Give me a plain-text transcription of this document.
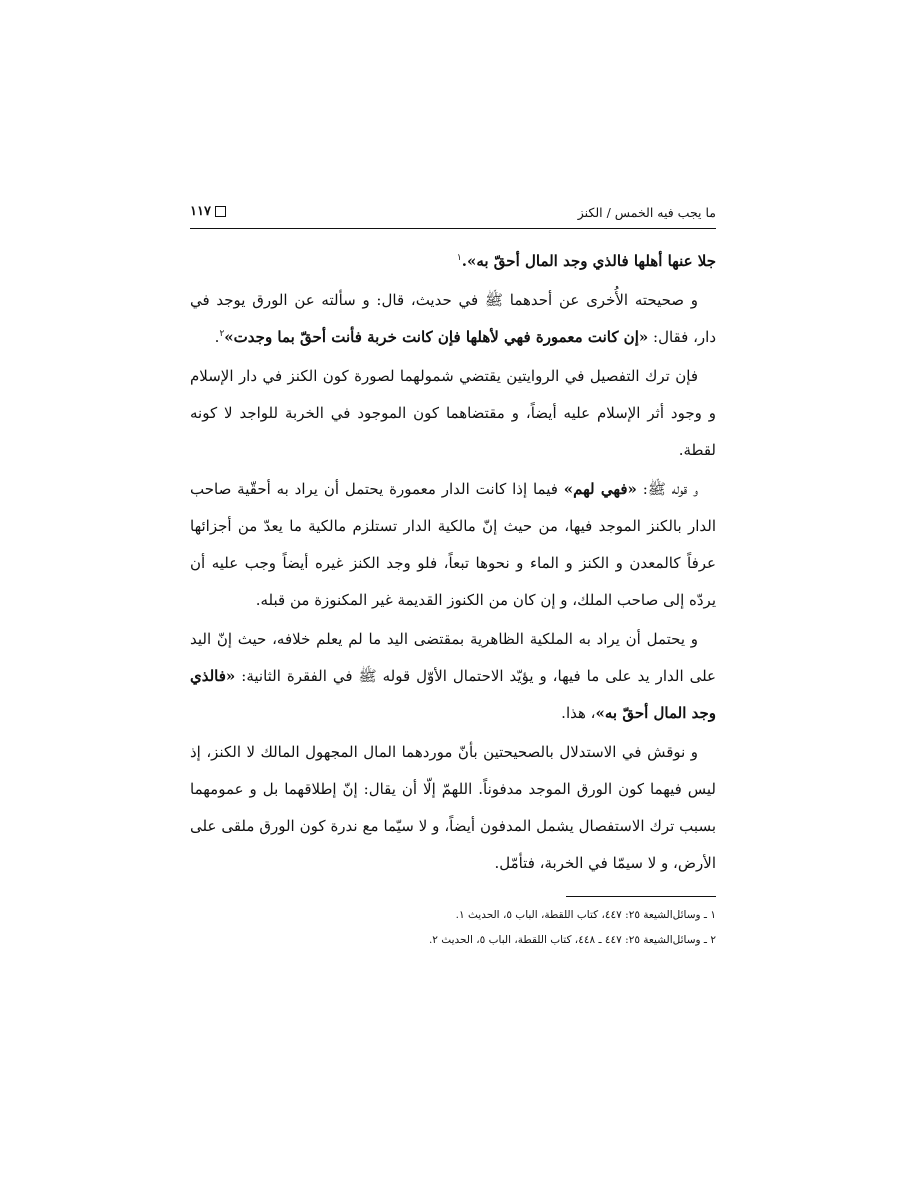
ما يجب فيه الخمس / الكنز
١١٧

جلا عنها أهلها فالذي وجد المال أحقّ به».$^١$

و صحيحته الأُخرى عن أحدهما ﷺ في حديث، قال: و سألته عن الورق يوجد في دار، فقال: «إن كانت معمورة فهي لأهلها فإن كانت خربة فأنت أحقّ بما وجدت»$^٢$.

فإن ترك التفصيل في الروايتين يقتضي شمولهما لصورة كون الكنز في دار الإسلام و وجود أثر الإسلام عليه أيضاً، و مقتضاهما كون الموجود في الخربة للواجد لا كونه لقطة.

و قوله ﷺ: «فهي لهم» فيما إذا كانت الدار معمورة يحتمل أن يراد به أحقّية صاحب الدار بالكنز الموجد فيها، من حيث إنّ مالكية الدار تستلزم مالكية ما يعدّ من أجزائها عرفاً كالمعدن و الكنز و الماء و نحوها تبعاً، فلو وجد الكنز غيره أيضاً وجب عليه أن يردّه إلى صاحب الملك، و إن كان من الكنوز القديمة غير المكنوزة من قبله.

و يحتمل أن يراد به الملكية الظاهرية بمقتضى اليد ما لم يعلم خلافه، حيث إنّ اليد على الدار يد على ما فيها، و يؤيّد الاحتمال الأوّل قوله ﷺ في الفقرة الثانية: «فالذي وجد المال أحقّ به»، هذا.

و نوقش في الاستدلال بالصحيحتين بأنّ موردهما المال المجهول المالك لا الكنز، إذ ليس فيهما كون الورق الموجد مدفوناً. اللهمّ إلّا أن يقال: إنّ إطلاقهما بل و عمومهما بسبب ترك الاستفصال يشمل المدفون أيضاً، و لا سيّما مع ندرة كون الورق ملقى على الأرض، و لا سيمّا في الخربة، فتأمّل.

١ ـ وسائل‌الشيعة ٢٥: ٤٤٧، كتاب اللقطة، الباب ٥، الحديث ١.

٢ ـ وسائل‌الشيعة ٢٥: ٤٤٧ ـ ٤٤٨، كتاب اللقطة، الباب ٥، الحديث ٢.
